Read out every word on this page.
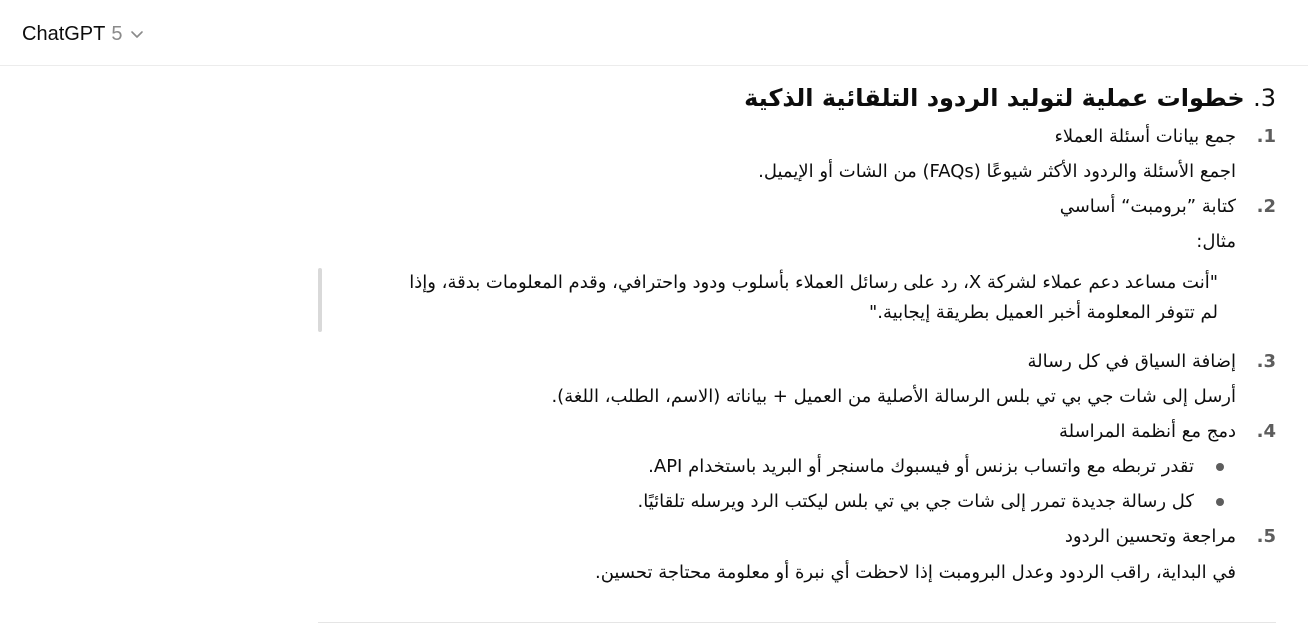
ChatGPT 5
3. خطوات عملية لتوليد الردود التلقائية الذكية
1.
جمع بيانات أسئلة العملاء
اجمع الأسئلة والردود الأكثر شيوعًا (FAQs) من الشات أو الإيميل.
2.
كتابة ”برومبت“ أساسي
مثال:
"أنت مساعد دعم عملاء لشركة X، رد على رسائل العملاء بأسلوب ودود واحترافي، وقدم المعلومات بدقة، وإذا
لم تتوفر المعلومة أخبر العميل بطريقة إيجابية."
3.
إضافة السياق في كل رسالة
أرسل إلى شات جي بي تي بلس الرسالة الأصلية من العميل + بياناته (الاسم، الطلب، اللغة).
4.
دمج مع أنظمة المراسلة
تقدر تربطه مع واتساب بزنس أو فيسبوك ماسنجر أو البريد باستخدام API.
كل رسالة جديدة تمرر إلى شات جي بي تي بلس ليكتب الرد ويرسله تلقائيًا.
5.
مراجعة وتحسين الردود
في البداية، راقب الردود وعدل البرومبت إذا لاحظت أي نبرة أو معلومة محتاجة تحسين.
